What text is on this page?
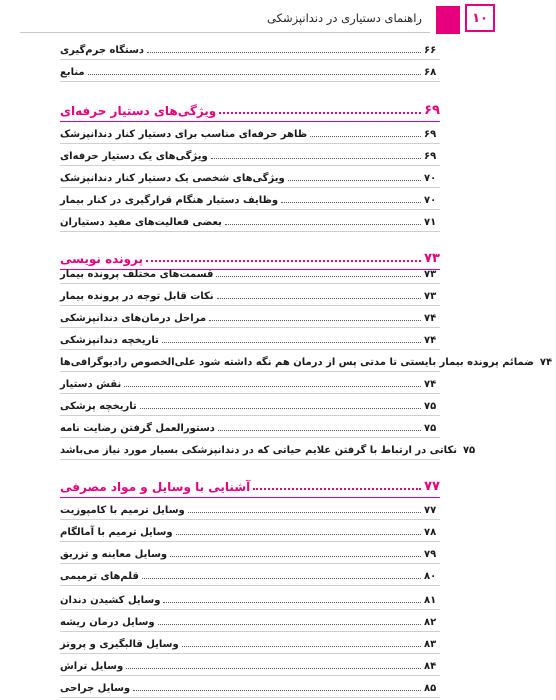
راهنمای دستیاری در دندانپزشکی	۱۰
دستگاه جرم‌گیری	۶۶
منابع	۶۸
ویژگی‌های دستیار حرفه‌ای	۶۹
ظاهر حرفه‌ای مناسب برای دستیار کنار دندانپزشک	۶۹
ویژگی‌های یک دستیار حرفه‌ای	۶۹
ویژگی‌های شخصی یک دستیار کنار دندانپزشک	۷۰
وظایف دستیار هنگام قرارگیری در کنار بیمار	۷۰
بعضی فعالیت‌های مفید دستیاران	۷۱
پرونده نویسی	۷۳
قسمت‌های مختلف پرونده بیمار	۷۳
نکات قابل توجه در پرونده بیمار	۷۳
مراحل درمان‌های دندانپزشکی	۷۴
تاریخچه دندانپزشکی	۷۴
ضمائم پرونده بیمار بایستی تا مدتی پس از درمان هم نگه داشته شود علی‌الخصوص رادیوگرافی‌ها ۷۴
نقش دستیار	۷۴
تاریخچه پزشکی	۷۵
دستورالعمل گرفتن رضایت نامه	۷۵
نکاتی در ارتباط با گرفتن علایم حیاتی که در دندانپزشکی بسیار مورد نیاز می‌باشد ۷۵
آشنایی با وسایل و مواد مصرفی	۷۷
وسایل ترمیم با کامپوزیت	۷۷
وسایل ترمیم با آمالگام	۷۸
وسایل معاینه و تزریق	۷۹
قلم‌های ترمیمی	۸۰
وسایل کشیدن دندان	۸۱
وسایل درمان ریشه	۸۲
وسایل قالبگیری و پروتز	۸۳
وسایل تراش	۸۴
وسایل جراحی	۸۵
